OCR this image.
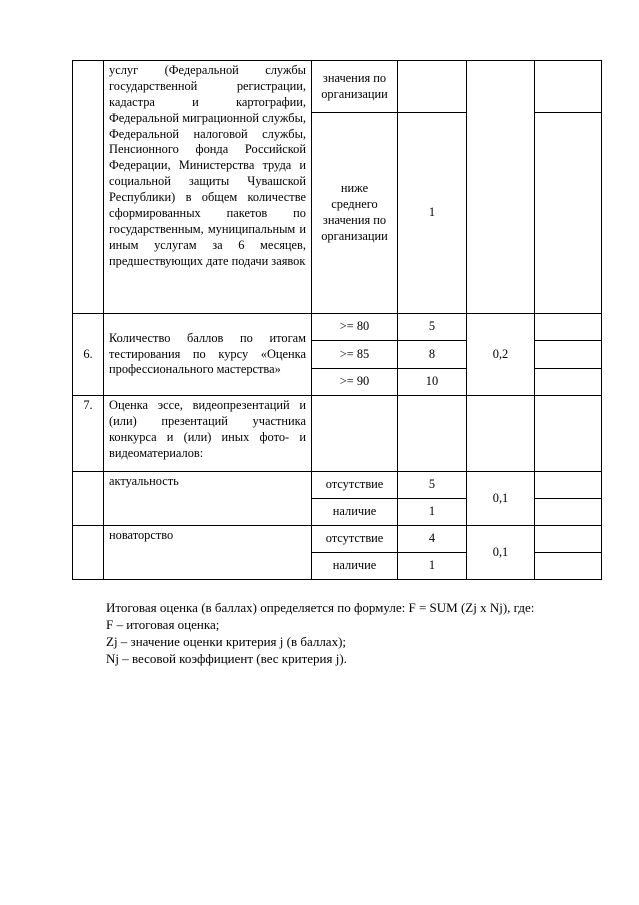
	услуг (Федеральной службы государственной регистрации, кадастра и картографии, Федеральной миграционной службы, Федеральной налоговой службы, Пенсионного фонда Российской Федерации, Министерства труда и социальной защиты Чувашской Республики) в общем количестве сформированных пакетов по государственным, муниципальным и иным услугам за 6 месяцев, предшествующих дате подачи заявок	значения по организации			
		ниже среднего значения по организации	1		
6.	Количество баллов по итогам тестирования по курсу «Оценка профессионального мастерства»	>= 80	5	0,2	
		>= 85	8		
		>= 90	10		
7.	Оценка эссе, видеопрезентаций и (или) презентаций участника конкурса и (или) иных фото- и видеоматериалов:				
	актуальность	отсутствие	5	0,1	
		наличие	1		
	новаторство	отсутствие	4	0,1	
		наличие	1		

Итоговая оценка (в баллах) определяется по формуле: F = SUM (Zj x Nj), где:

F – итоговая оценка;

Zj – значение оценки критерия j (в баллах);

Nj – весовой коэффициент (вес критерия j).
